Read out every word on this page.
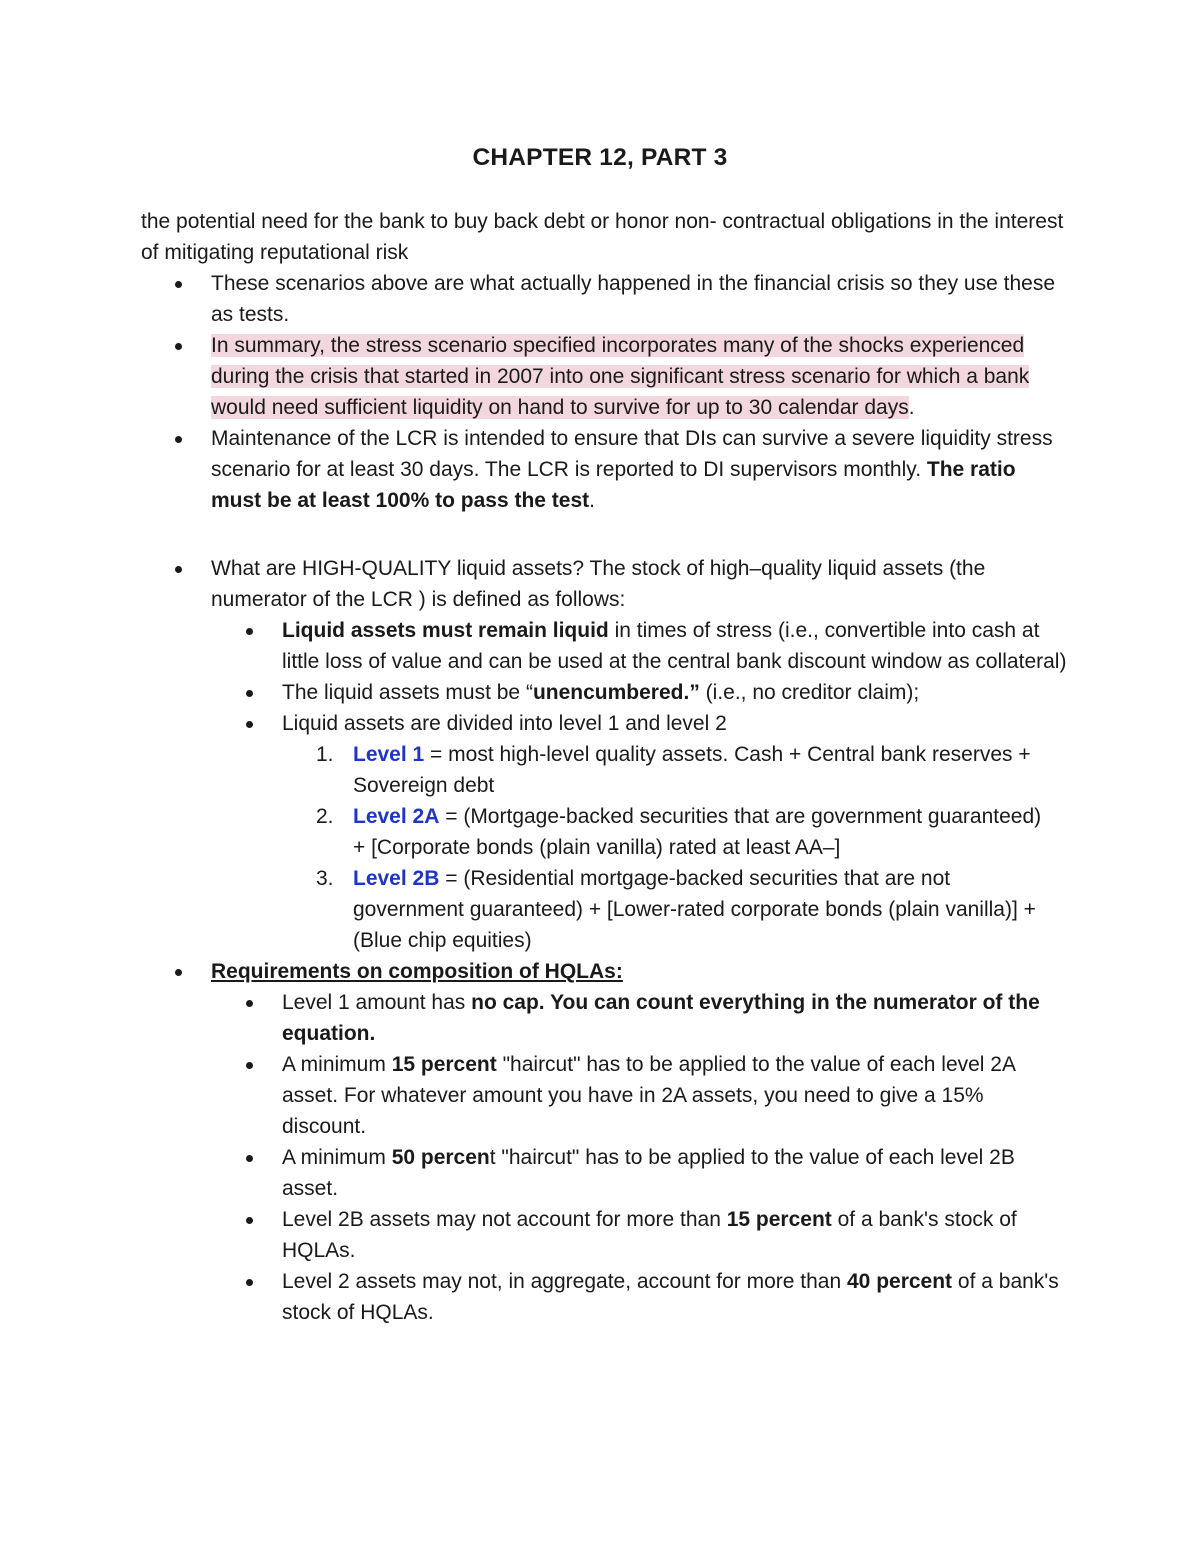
CHAPTER 12, PART 3

the potential need for the bank to buy back debt or honor non- contractual obligations in the interest of mitigating reputational risk

These scenarios above are what actually happened in the financial crisis so they use these as tests.
In summary, the stress scenario specified incorporates many of the shocks experienced during the crisis that started in 2007 into one significant stress scenario for which a bank would need sufficient liquidity on hand to survive for up to 30 calendar days.
Maintenance of the LCR is intended to ensure that DIs can survive a severe liquidity stress scenario for at least 30 days. The LCR is reported to DI supervisors monthly. The ratio must be at least 100% to pass the test.
What are HIGH-QUALITY liquid assets? The stock of high–quality liquid assets (the numerator of the LCR ) is defined as follows:
Liquid assets must remain liquid in times of stress (i.e., convertible into cash at little loss of value and can be used at the central bank discount window as collateral)
The liquid assets must be “unencumbered.” (i.e., no creditor claim);
Liquid assets are divided into level 1 and level 2
1. Level 1 = most high-level quality assets. Cash + Central bank reserves + Sovereign debt
2. Level 2A = (Mortgage-backed securities that are government guaranteed) + [Corporate bonds (plain vanilla) rated at least AA–]
3. Level 2B = (Residential mortgage-backed securities that are not government guaranteed) + [Lower-rated corporate bonds (plain vanilla)] + (Blue chip equities)
Requirements on composition of HQLAs:
Level 1 amount has no cap. You can count everything in the numerator of the equation.
A minimum 15 percent "haircut" has to be applied to the value of each level 2A asset. For whatever amount you have in 2A assets, you need to give a 15% discount.
A minimum 50 percent "haircut" has to be applied to the value of each level 2B asset.
Level 2B assets may not account for more than 15 percent of a bank's stock of HQLAs.
Level 2 assets may not, in aggregate, account for more than 40 percent of a bank's stock of HQLAs.
